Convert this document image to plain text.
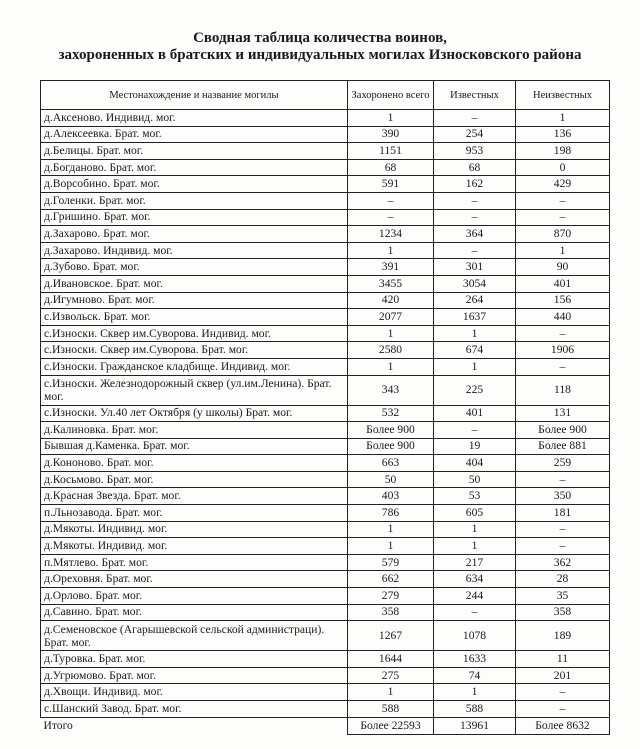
Сводная таблица количества воинов,
захороненных в братских и индивидуальных могилах Износковского района
Местонахождение и название могилы	Захоронено всего	Известных	Неизвестных
д.Аксеново. Индивид. мог.	1	–	1
д.Алексеевка. Брат. мог.	390	254	136
д.Белицы. Брат. мог.	1151	953	198
д.Богданово. Брат. мог.	68	68	0
д.Ворсобино. Брат. мог.	591	162	429
д.Голенки. Брат. мог.	–	–	–
д.Гришино. Брат. мог.	–	–	–
д.Захарово. Брат. мог.	1234	364	870
д.Захарово. Индивид. мог.	1	–	1
д.Зубово. Брат. мог.	391	301	90
д.Ивановское. Брат. мог.	3455	3054	401
д.Игумново. Брат. мог.	420	264	156
с.Извольск. Брат. мог.	2077	1637	440
с.Износки. Сквер им.Суворова. Индивид. мог.	1	1	–
с.Износки. Сквер им.Суворова. Брат. мог.	2580	674	1906
с.Износки. Гражданское кладбище. Индивид. мог.	1	1	–
с.Износки. Железнодорожный сквер (ул.им.Ленина). Брат. мог.	343	225	118
с.Износки. Ул.40 лет Октября (у школы) Брат. мог.	532	401	131
д.Калиновка. Брат. мог.	Более 900	–	Более 900
Бывшая д.Каменка. Брат. мог.	Более 900	19	Более 881
д.Кононово. Брат. мог.	663	404	259
д.Косьмово. Брат. мог.	50	50	–
д.Красная Звезда. Брат. мог.	403	53	350
п.Льнозавода. Брат. мог.	786	605	181
д.Мякоты. Индивид. мог.	1	1	–
д.Мякоты. Индивид. мог.	1	1	–
п.Мятлево. Брат. мог.	579	217	362
д.Ореховня. Брат. мог.	662	634	28
д.Орлово. Брат. мог.	279	244	35
д.Савино. Брат. мог.	358	–	358
д.Семеновское (Агарышевской сельской администраци). Брат. мог.	1267	1078	189
д.Туровка. Брат. мог.	1644	1633	11
д.Угрюмово. Брат. мог.	275	74	201
д.Хвощи. Индивид. мог.	1	1	–
с.Шанский Завод. Брат. мог.	588	588	–
Итого	Более 22593	13961	Более 8632
